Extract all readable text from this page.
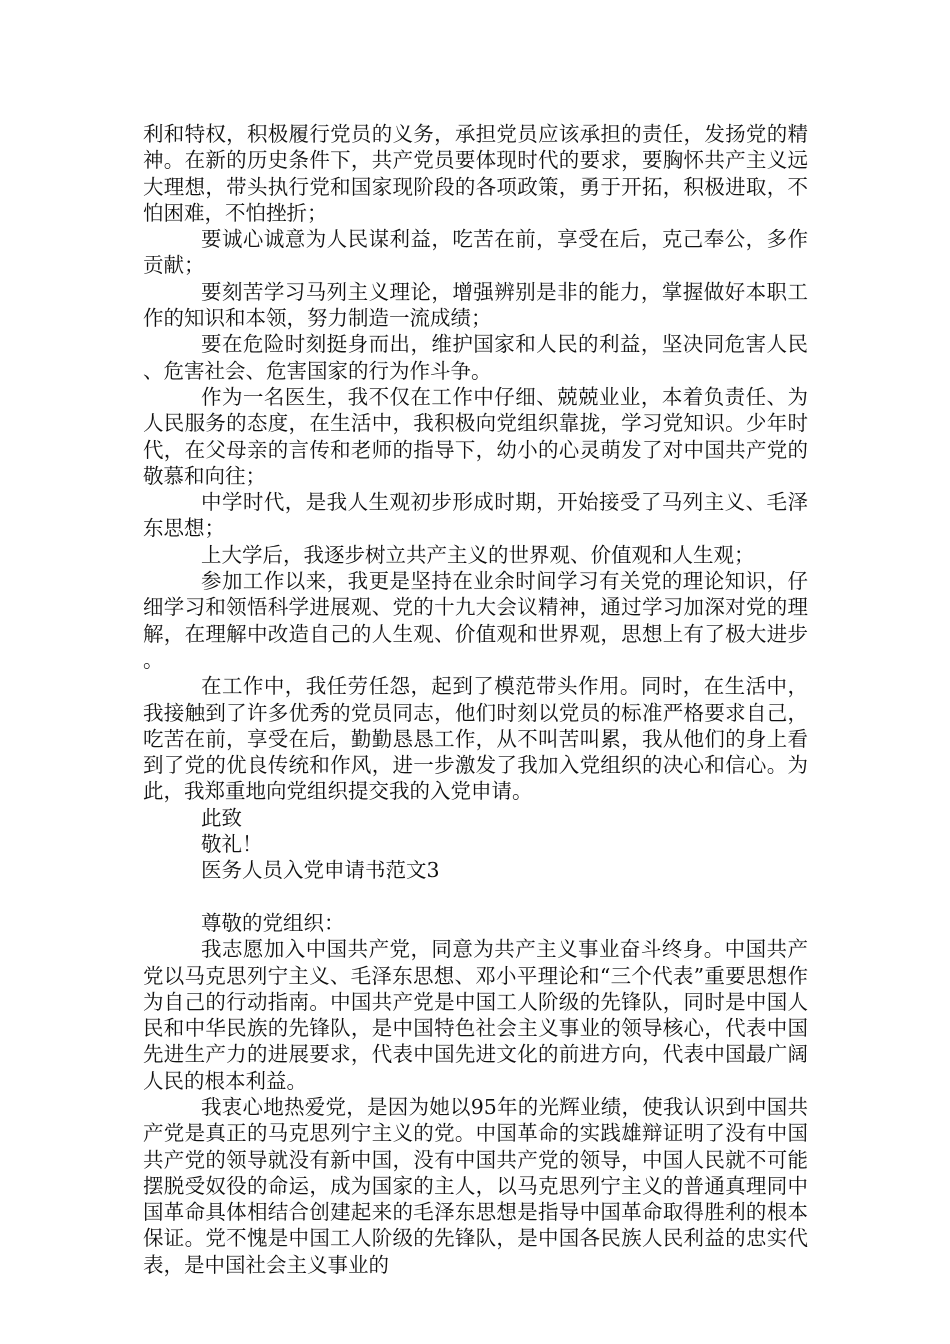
利和特权，积极履行党员的义务，承担党员应该承担的责任，发扬党的精神。在新的历史条件下，共产党员要体现时代的要求，要胸怀共产主义远大理想，带头执行党和国家现阶段的各项政策，勇于开拓，积极进取，不怕困难，不怕挫折；

要诚心诚意为人民谋利益，吃苦在前，享受在后，克己奉公，多作贡献；

要刻苦学习马列主义理论，增强辨别是非的能力，掌握做好本职工作的知识和本领，努力制造一流成绩；

要在危险时刻挺身而出，维护国家和人民的利益，坚决同危害人民、危害社会、危害国家的行为作斗争。

作为一名医生，我不仅在工作中仔细、兢兢业业，本着负责任、为人民服务的态度，在生活中，我积极向党组织靠拢，学习党知识。少年时代，在父母亲的言传和老师的指导下，幼小的心灵萌发了对中国共产党的敬慕和向往；

中学时代，是我人生观初步形成时期，开始接受了马列主义、毛泽东思想；

上大学后，我逐步树立共产主义的世界观、价值观和人生观；

参加工作以来，我更是坚持在业余时间学习有关党的理论知识，仔细学习和领悟科学进展观、党的十九大会议精神，通过学习加深对党的理解，在理解中改造自己的人生观、价值观和世界观，思想上有了极大进步。

在工作中，我任劳任怨，起到了模范带头作用。同时，在生活中，我接触到了许多优秀的党员同志，他们时刻以党员的标准严格要求自己，吃苦在前，享受在后，勤勤恳恳工作，从不叫苦叫累，我从他们的身上看到了党的优良传统和作风，进一步激发了我加入党组织的决心和信心。为此，我郑重地向党组织提交我的入党申请。

此致

敬礼！

医务人员入党申请书范文3

尊敬的党组织：

我志愿加入中国共产党，同意为共产主义事业奋斗终身。中国共产党以马克思列宁主义、毛泽东思想、邓小平理论和“三个代表”重要思想作为自己的行动指南。中国共产党是中国工人阶级的先锋队，同时是中国人民和中华民族的先锋队，是中国特色社会主义事业的领导核心，代表中国先进生产力的进展要求，代表中国先进文化的前进方向，代表中国最广阔人民的根本利益。

我衷心地热爱党，是因为她以95年的光辉业绩，使我认识到中国共产党是真正的马克思列宁主义的党。中国革命的实践雄辩证明了没有中国共产党的领导就没有新中国，没有中国共产党的领导，中国人民就不可能摆脱受奴役的命运，成为国家的主人，以马克思列宁主义的普通真理同中国革命具体相结合创建起来的毛泽东思想是指导中国革命取得胜利的根本保证。党不愧是中国工人阶级的先锋队，是中国各民族人民利益的忠实代表，是中国社会主义事业的
